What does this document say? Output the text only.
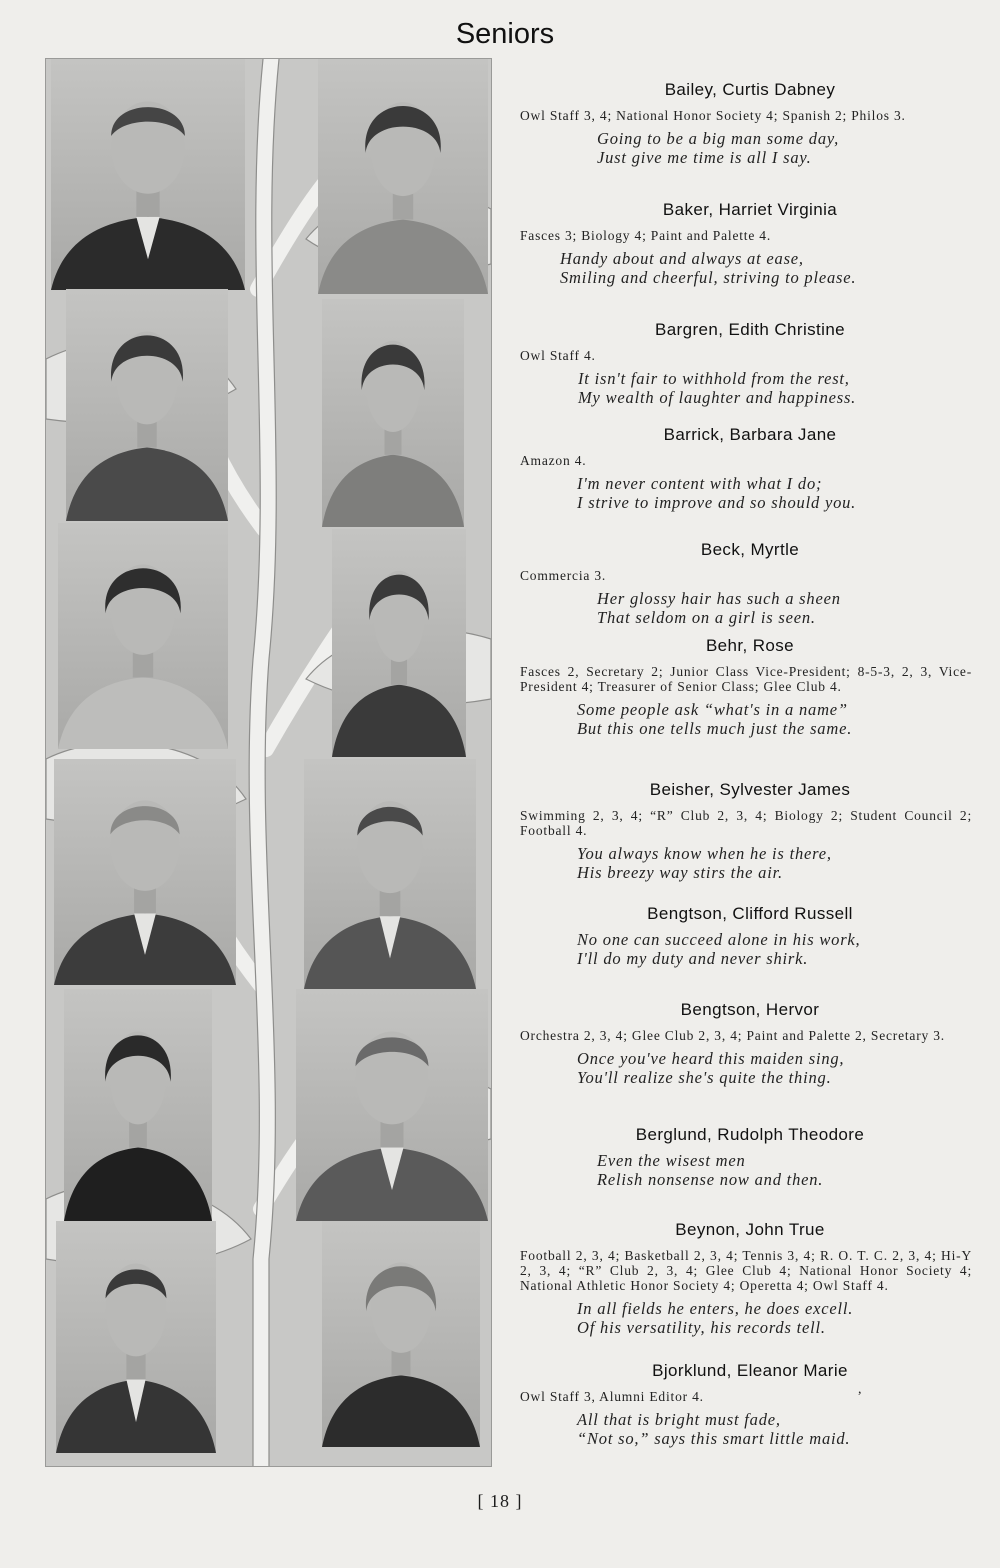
Seniors
Bailey, Curtis Dabney
Owl Staff 3, 4; National Honor Society 4; Spanish 2; Philos 3.
Going to be a big man some day,
Just give me time is all I say.
Baker, Harriet Virginia
Fasces 3; Biology 4; Paint and Palette 4.
Handy about and always at ease,
Smiling and cheerful, striving to please.
Bargren, Edith Christine
Owl Staff 4.
It isn't fair to withhold from the rest,
My wealth of laughter and happiness.
Barrick, Barbara Jane
Amazon 4.
I'm never content with what I do;
I strive to improve and so should you.
Beck, Myrtle
Commercia 3.
Her glossy hair has such a sheen
That seldom on a girl is seen.
Behr, Rose
Fasces 2, Secretary 2; Junior Class Vice-President; 8-5-3, 2, 3, Vice-President 4; Treasurer of Senior Class; Glee Club 4.
Some people ask “what's in a name”
But this one tells much just the same.
Beisher, Sylvester James
Swimming 2, 3, 4; “R” Club 2, 3, 4; Biology 2; Student Council 2; Football 4.
You always know when he is there,
His breezy way stirs the air.
Bengtson, Clifford Russell
No one can succeed alone in his work,
I'll do my duty and never shirk.
Bengtson, Hervor
Orchestra 2, 3, 4; Glee Club 2, 3, 4; Paint and Palette 2, Secretary 3.
Once you've heard this maiden sing,
You'll realize she's quite the thing.
Berglund, Rudolph Theodore
Even the wisest men
Relish nonsense now and then.
Beynon, John True
Football 2, 3, 4; Basketball 2, 3, 4; Tennis 3, 4; R. O. T. C. 2, 3, 4; Hi-Y 2, 3, 4; “R” Club 2, 3, 4; Glee Club 4; National Honor Society 4; National Athletic Honor Society 4; Operetta 4; Owl Staff 4.
In all fields he enters, he does excell.
Of his versatility, his records tell.
Bjorklund, Eleanor Marie
Owl Staff 3, Alumni Editor 4.
All that is bright must fade,
“Not so,” says this smart little maid.
,
[ 18 ]
